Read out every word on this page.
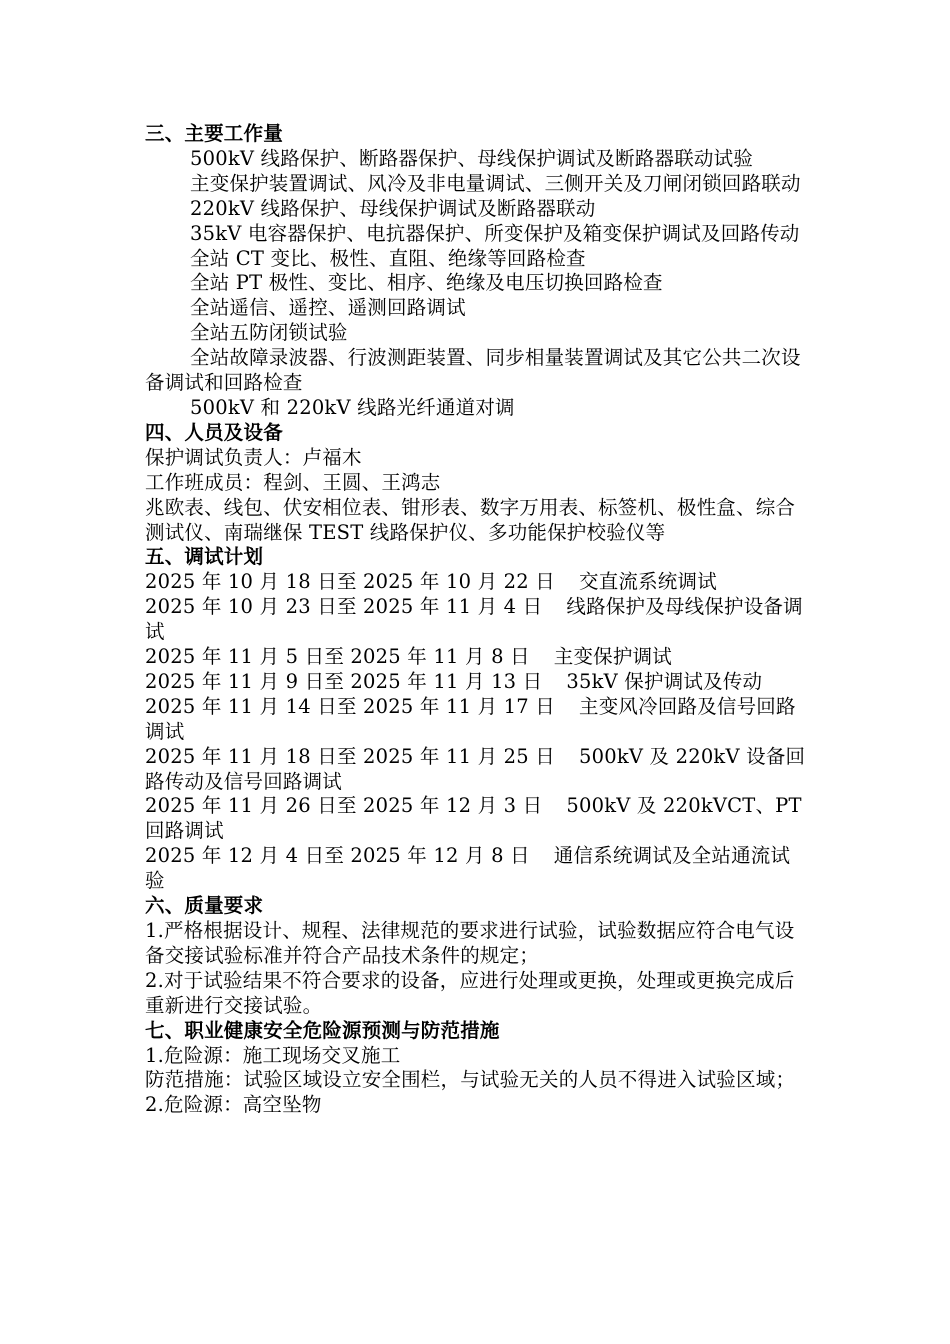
三、主要工作量

500kV 线路保护、断路器保护、母线保护调试及断路器联动试验

主变保护装置调试、风冷及非电量调试、三侧开关及刀闸闭锁回路联动

220kV 线路保护、母线保护调试及断路器联动

35kV 电容器保护、电抗器保护、所变保护及箱变保护调试及回路传动

全站 CT 变比、极性、直阻、绝缘等回路检查

全站 PT 极性、变比、相序、绝缘及电压切换回路检查

全站遥信、遥控、遥测回路调试

全站五防闭锁试验

全站故障录波器、行波测距装置、同步相量装置调试及其它公共二次设备调试和回路检查

500kV 和 220kV 线路光纤通道对调

四、人员及设备

保护调试负责人：卢福木

工作班成员：程剑、王圆、王鸿志

兆欧表、线包、伏安相位表、钳形表、数字万用表、标签机、极性盒、综合测试仪、南瑞继保 TEST 线路保护仪、多功能保护校验仪等

五、调试计划

2025 年 10 月 18 日至 2025 年 10 月 22 日 交直流系统调试

2025 年 10 月 23 日至 2025 年 11 月 4 日 线路保护及母线保护设备调试

2025 年 11 月 5 日至 2025 年 11 月 8 日 主变保护调试

2025 年 11 月 9 日至 2025 年 11 月 13 日 35kV 保护调试及传动

2025 年 11 月 14 日至 2025 年 11 月 17 日 主变风冷回路及信号回路调试

2025 年 11 月 18 日至 2025 年 11 月 25 日 500kV 及 220kV 设备回路传动及信号回路调试

2025 年 11 月 26 日至 2025 年 12 月 3 日 500kV 及 220kVCT、PT 回路调试

2025 年 12 月 4 日至 2025 年 12 月 8 日 通信系统调试及全站通流试验

六、质量要求

1.严格根据设计、规程、法律规范的要求进行试验，试验数据应符合电气设备交接试验标准并符合产品技术条件的规定；

2.对于试验结果不符合要求的设备，应进行处理或更换，处理或更换完成后重新进行交接试验。

七、职业健康安全危险源预测与防范措施

1.危险源：施工现场交叉施工

防范措施：试验区域设立安全围栏，与试验无关的人员不得进入试验区域；

2.危险源：高空坠物
